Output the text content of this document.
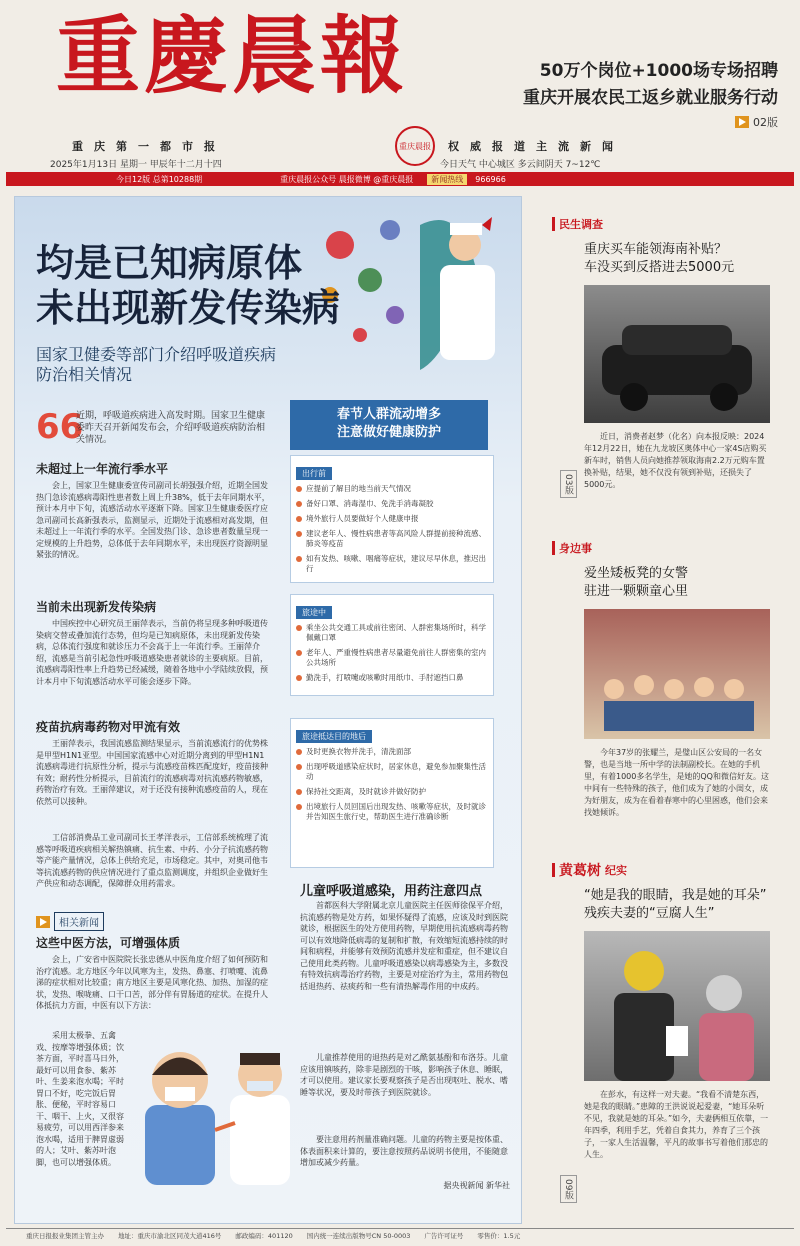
重慶晨報	50万个岗位+1000场专场招聘
重庆开展农民工返乡就业服务行动
02版
重庆第一都市报	重庆晨报	权威报道主流新闻
2025年1月13日 星期一 甲辰年十二月十四	今日天气 中心城区 多云间阴天 7~12℃
今日12版 总第10288期	重庆晨报公众号 晨报微博 @重庆晨报	新闻热线	966966
均是已知病原体
未出现新发传染病
国家卫健委等部门介绍呼吸道疾病
防治相关情况
66
近期，呼吸道疾病进入高发时期。国家卫生健康委昨天召开新闻发布会，介绍呼吸道疾病防治相关情况。
未超过上一年流行季水平
会上，国家卫生健康委宣传司副司长胡强强介绍，近期全国发热门急诊流感病毒阳性患者数上周上升38%，低于去年同期水平，预计本月中下旬，流感活动水平逐渐下降。国家卫生健康委医疗应急司副司长高新强表示，监测显示，近期处于流感相对高发期，但未超过上一年流行季的水平。全国发热门诊、急诊患者数量呈现一定规模的上升趋势，总体低于去年同期水平，未出现医疗资源明显紧张的情况。
当前未出现新发传染病
中国疾控中心研究员王丽萍表示，当前仍将呈现多种呼吸道传染病交替或叠加流行态势，但均是已知病原体，未出现新发传染病，总体流行强度和就诊压力不会高于上一年流行季。王丽萍介绍，流感是当前引起急性呼吸道感染患者就诊的主要病原。目前，流感病毒阳性率上升趋势已经减缓，随着各地中小学陆续放假，预计本月中下旬流感活动水平可能会逐步下降。
疫苗抗病毒药物对甲流有效
王丽萍表示，我国流感监测结果显示，当前流感流行的优势株是甲型H1N1亚型。中国国家流感中心对近期分离到的甲型H1N1流感病毒进行抗原性分析，提示与流感疫苗株匹配度好，疫苗接种有效；耐药性分析提示，目前流行的流感病毒对抗流感药物敏感，药物治疗有效。王丽萍建议，对于还没有接种流感疫苗的人，现在依然可以接种。
工信部消费品工业司副司长王孝洋表示，工信部系统梳理了流感等呼吸道疾病相关解热镇痛、抗生素、中药、小分子抗流感药物等产能产量情况，总体上供给充足，市场稳定。其中，对奥司他韦等抗流感药物的供应情况进行了重点监测调度，并组织企业做好生产供应和动态调配，保障群众用药需求。
相关新闻
这些中医方法，可增强体质
会上，广安省中医院院长张忠德从中医角度介绍了如何预防和治疗流感。北方地区今年以风寒为主，发热、鼻塞、打喷嚏、流鼻涕的症状相对比较重；南方地区主要是风寒化热、加热、加湿的症状，发热、喉咙痛、口干口苦，部分伴有胃肠道的症状。在提升人体抵抗力方面，中医有以下方法：
采用太极拳、五禽戏、按摩等增强体质；饮茶方面，平时喜马日外，最好可以用食参、紫苏叶、生姜来泡水喝；平时胃口不好，吃完饭后胃胀、便秘，平时容易口干、咽干、上火，又很容易疲劳，可以用西洋参来泡水喝，适用于脾胃虚弱的人；艾叶、紫苏叶泡脚，也可以增强体质。
春节人群流动增多
注意做好健康防护
出行前
应提前了解目的地当前天气情况
备好口罩、消毒湿巾、免洗手消毒凝胶
境外旅行人员要做好个人健康申报
建议老年人、慢性病患者等高风险人群提前接种流感、肺炎等疫苗
如有发热、咳嗽、咽痛等症状，建议尽早休息，推迟出行
旅途中
乘坐公共交通工具或前往密闭、人群密集场所时，科学佩戴口罩
老年人、严重慢性病患者尽量避免前往人群密集的室内公共场所
勤洗手，打喷嚏或咳嗽时用纸巾、手肘遮挡口鼻
旅途抵达目的地后
及时更换衣物并洗手，清洗面部
出现呼吸道感染症状时，居家休息，避免参加聚集性活动
保持社交距离，及时就诊并做好防护
出境旅行人员回国后出现发热、咳嗽等症状，及时就诊并告知医生旅行史，帮助医生进行准确诊断
儿童呼吸道感染，用药注意四点

首都医科大学附属北京儿童医院主任医师徐保平介绍，抗流感药物是处方药，如果怀疑得了流感，应该及时到医院就诊，根据医生的处方使用药物，早期使用抗流感病毒药物可以有效地降低病毒的复制和扩散，有效缩短流感持续的时间和病程，并能够有效预防流感并发症和重症，但不建议自己使用此类药物。儿童呼吸道感染以病毒感染为主，多数没有特效抗病毒治疗药物，主要是对症治疗为主，常用药物包括退热药、祛痰药和一些有清热解毒作用的中成药。

儿童推荐使用的退热药是对乙酰氨基酚和布洛芬。儿童应该用镇咳药，除非是剧烈的干咳，影响孩子休息、睡眠，才可以使用。建议家长要观察孩子是否出现呕吐、脱水、嗜睡等状况，要及时带孩子到医院就诊。

要注意用药剂量准确问题。儿童的药物主要是按体重、体表面积来计算的，要注意按照药品说明书使用，不能随意增加或减少药量。

据央视新闻 新华社

民生调查
重庆买车能领海南补贴？
车没买到反搭进去5000元
近日，消费者赵梦（化名）向本报反映：2024年12月22日，她在九龙坡区奥体中心一家4S店购买新车时，销售人员向她推荐领取海南2.2万元购车置换补贴，结果，她不仅没有领到补贴，还损失了5000元。
03版
身边事
爱坐矮板凳的女警
驻进一颗颗童心里
今年37岁的张耀兰，是璧山区公安局的一名女警，也是当地一所中学的法制副校长。在她的手机里，有着1000多名学生，是她的QQ和微信好友。这中间有一些特殊的孩子，他们成为了她的小闺女，成为好朋友，成为在看着春寒中的心里困惑，他们会来找她倾诉。
黄葛树 纪实
“她是我的眼睛，我是她的耳朵”
残疾夫妻的“豆腐人生”
在彭水，有这样一对夫妻。“我看不清楚东西，她是我的眼睛。”患障的王洪说说起爱妻，“她耳朵听不见，我就是她的耳朵。”如今，夫妻俩相互依靠，一年四季，利用手艺，凭着自食其力，养育了三个孩子，一家人生活温馨，平凡的故事书写着他们那忠的人生。
09版
重庆日报报业集团主管主办 地址：重庆市渝北区同茂大道416号 邮政编码：401120 国内统一连续出版物号CN 50-0003 广告许可证号 零售价：1.5元
